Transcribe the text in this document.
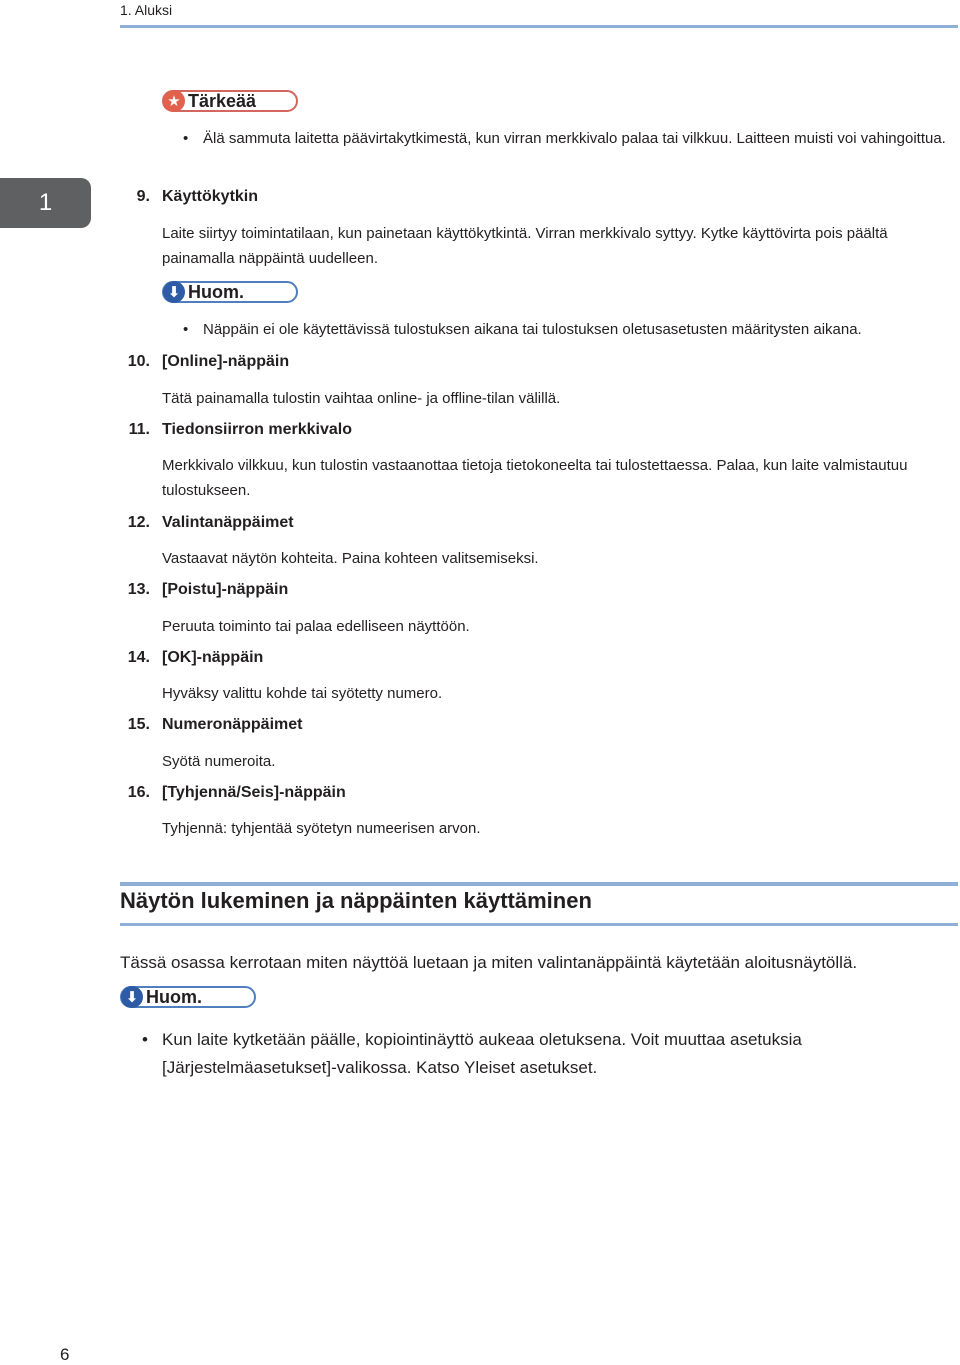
1. Aluksi
1
★ Tärkeää
• Älä sammuta laitetta päävirtakytkimestä, kun virran merkkivalo palaa tai vilkkuu. Laitteen muisti voi vahingoittua.
9. Käyttökytkin
Laite siirtyy toimintatilaan, kun painetaan käyttökytkintä. Virran merkkivalo syttyy. Kytke käyttövirta pois päältä painamalla näppäintä uudelleen.
⬇ Huom.
• Näppäin ei ole käytettävissä tulostuksen aikana tai tulostuksen oletusasetusten määritysten aikana.
10. [Online]-näppäin
Tätä painamalla tulostin vaihtaa online- ja offline-tilan välillä.
11. Tiedonsiirron merkkivalo
Merkkivalo vilkkuu, kun tulostin vastaanottaa tietoja tietokoneelta tai tulostettaessa. Palaa, kun laite valmistautuu tulostukseen.
12. Valintanäppäimet
Vastaavat näytön kohteita. Paina kohteen valitsemiseksi.
13. [Poistu]-näppäin
Peruuta toiminto tai palaa edelliseen näyttöön.
14. [OK]-näppäin
Hyväksy valittu kohde tai syötetty numero.
15. Numeronäppäimet
Syötä numeroita.
16. [Tyhjennä/Seis]-näppäin
Tyhjennä: tyhjentää syötetyn numeerisen arvon.
Näytön lukeminen ja näppäinten käyttäminen
Tässä osassa kerrotaan miten näyttöä luetaan ja miten valintanäppäintä käytetään aloitusnäytöllä.
⬇ Huom.
• Kun laite kytketään päälle, kopiointinäyttö aukeaa oletuksena. Voit muuttaa asetuksia [Järjestelmäasetukset]-valikossa. Katso Yleiset asetukset.
6
